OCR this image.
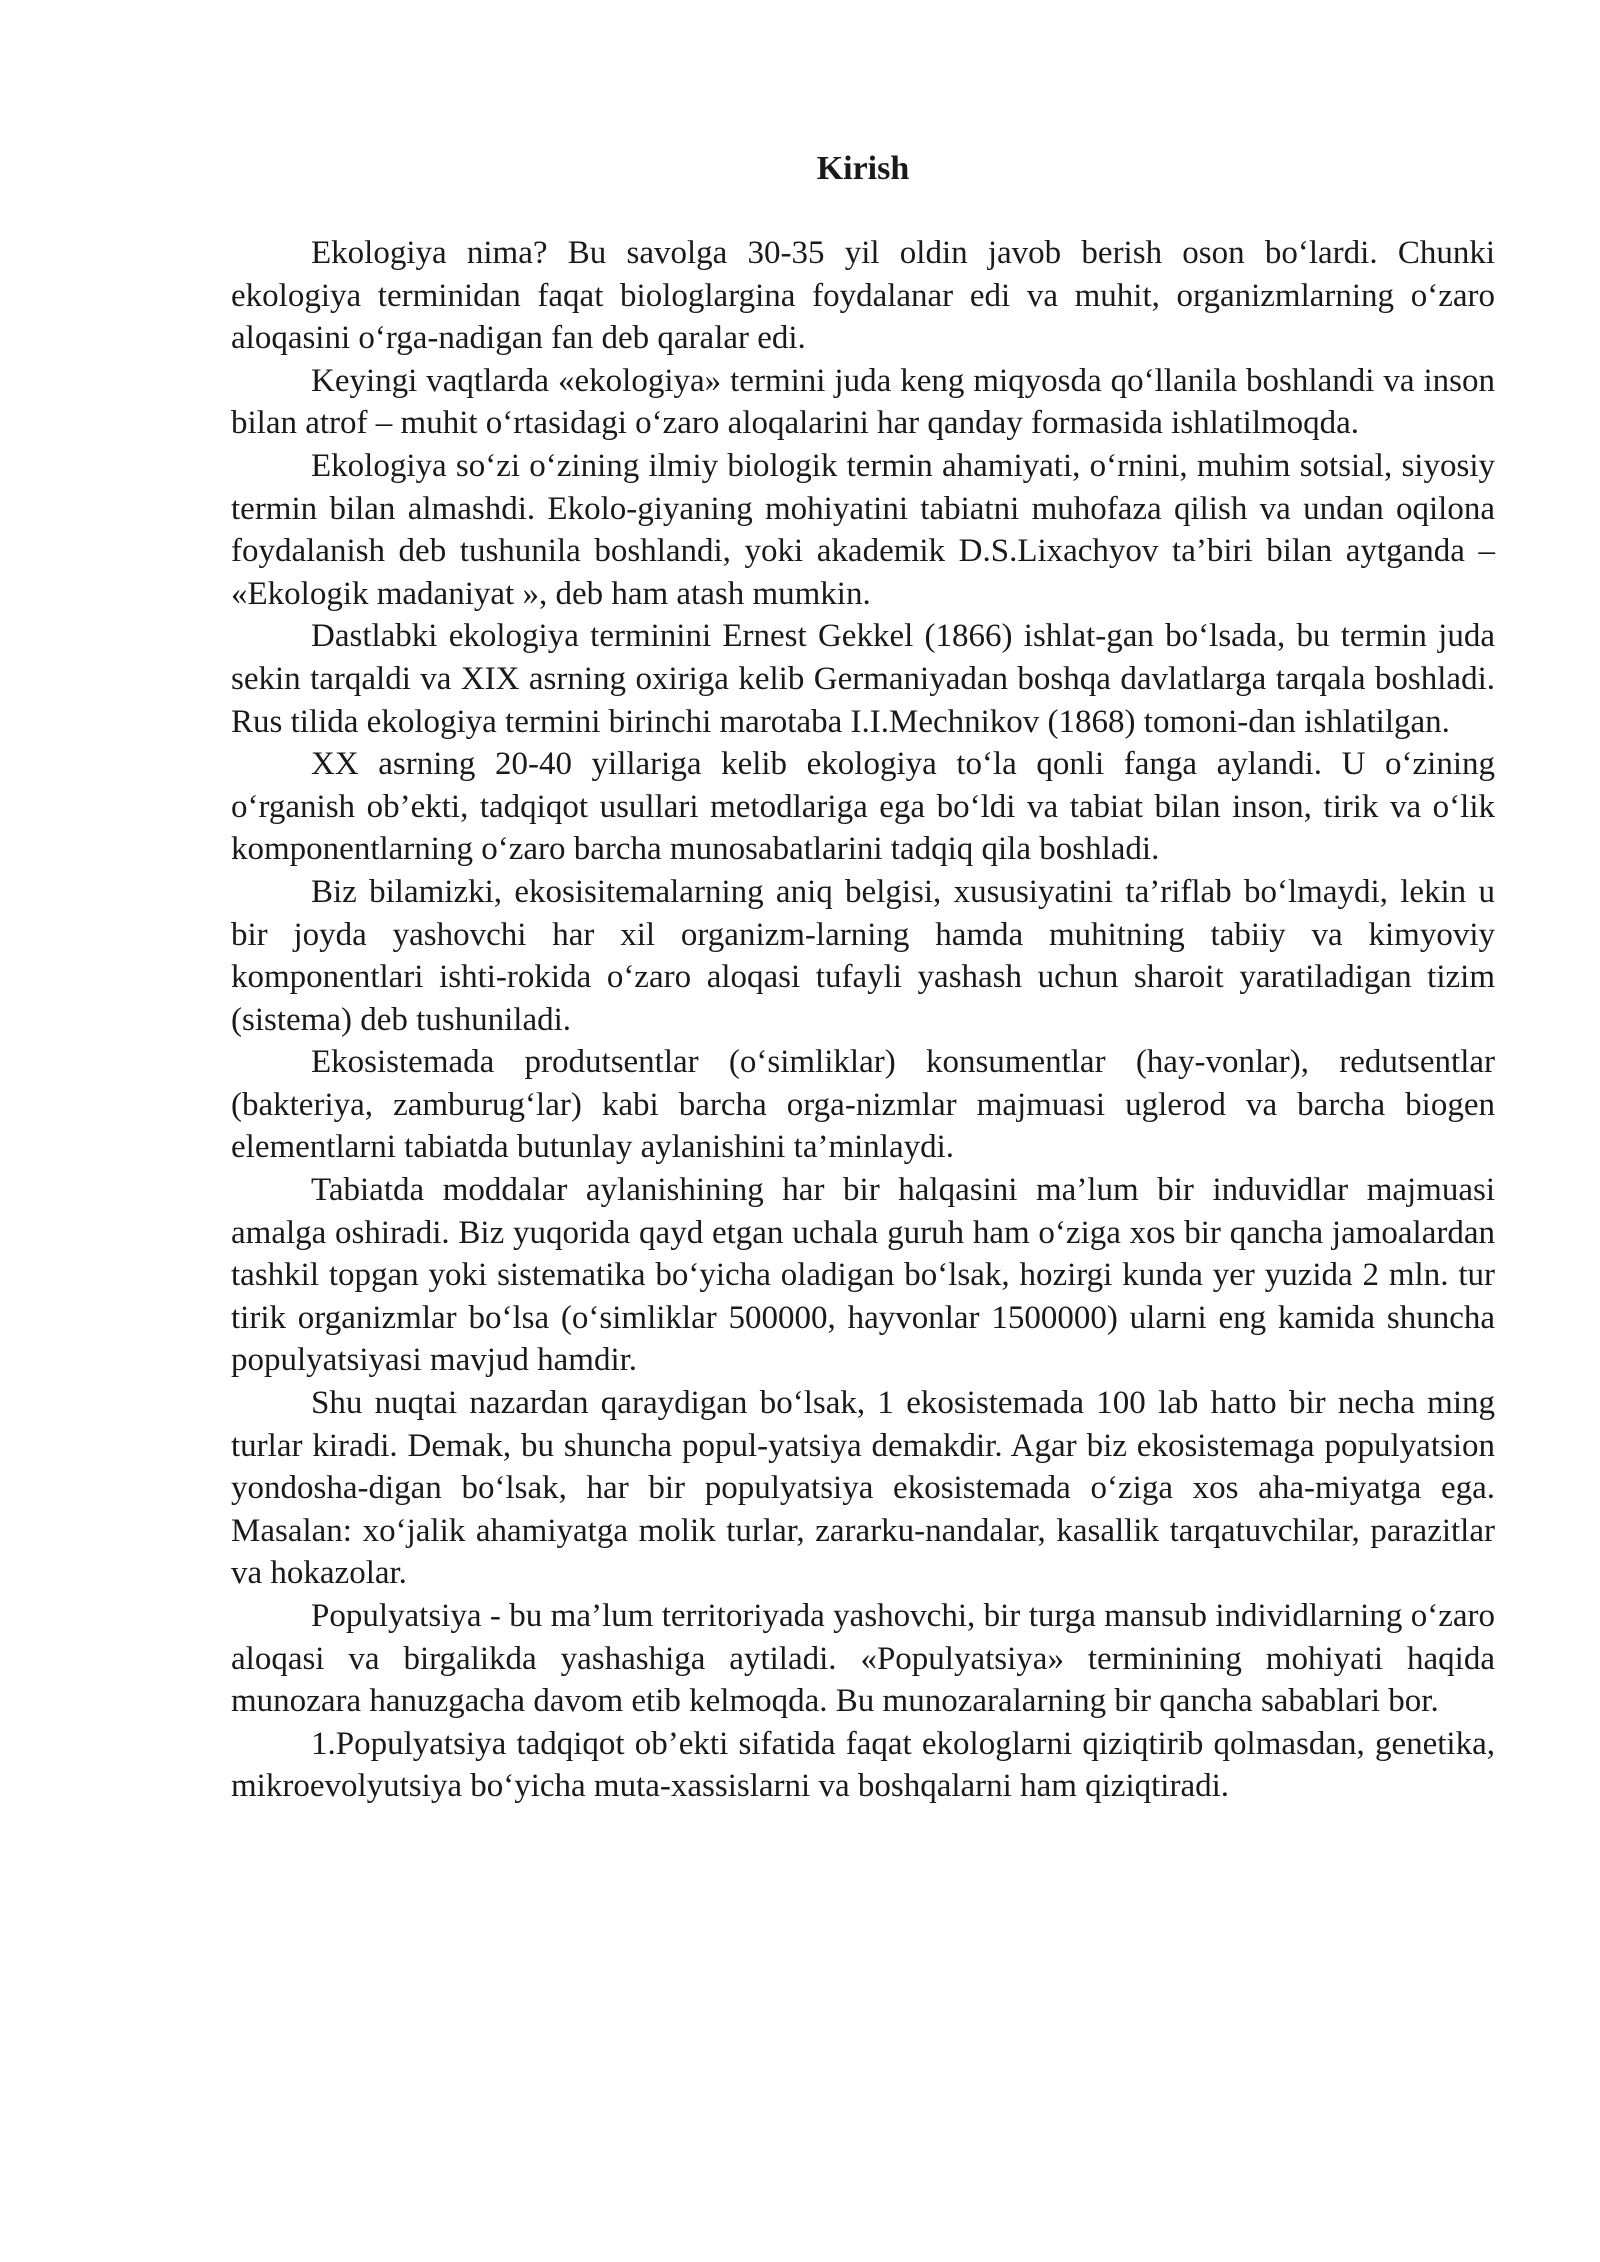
Kirish

Ekologiya nima? Bu savolga 30-35 yil oldin javob berish oson bo‘lardi. Chunki ekologiya terminidan faqat biologlargina foydalanar edi va muhit, organizmlarning o‘zaro aloqasini o‘rga-nadigan fan deb qaralar edi.

Keyingi vaqtlarda «ekologiya» termini juda keng miqyosda qo‘llanila boshlandi va inson bilan atrof – muhit o‘rtasidagi o‘zaro aloqalarini har qanday formasida ishlatilmoqda.

Ekologiya so‘zi o‘zining ilmiy biologik termin ahamiyati, o‘rnini, muhim sotsial, siyosiy termin bilan almashdi. Ekolo-giyaning mohiyatini tabiatni muhofaza qilish va undan oqilona foydalanish deb tushunila boshlandi, yoki akademik D.S.Lixachyov ta’biri bilan aytganda – «Ekologik madaniyat », deb ham atash mumkin.

Dastlabki ekologiya terminini Ernest Gekkel (1866) ishlat-gan bo‘lsada, bu termin juda sekin tarqaldi va XIX asrning oxiriga kelib Germaniyadan boshqa davlatlarga tarqala boshladi. Rus tilida ekologiya termini birinchi marotaba I.I.Mechnikov (1868) tomoni-dan ishlatilgan.

XX asrning 20-40 yillariga kelib ekologiya to‘la qonli fanga aylandi. U o‘zining o‘rganish ob’ekti, tadqiqot usullari metodlariga ega bo‘ldi va tabiat bilan inson, tirik va o‘lik komponentlarning o‘zaro barcha munosabatlarini tadqiq qila boshladi.

Biz bilamizki, ekosisitemalarning aniq belgisi, xususiyatini ta’riflab bo‘lmaydi, lekin u bir joyda yashovchi har xil organizm-larning hamda muhitning tabiiy va kimyoviy komponentlari ishti-rokida o‘zaro aloqasi tufayli yashash uchun sharoit yaratiladigan tizim (sistema) deb tushuniladi.

Ekosistemada produtsentlar (o‘simliklar) konsumentlar (hay-vonlar), redutsentlar (bakteriya, zamburug‘lar) kabi barcha orga-nizmlar majmuasi uglerod va barcha biogen elementlarni tabiatda butunlay aylanishini ta’minlaydi.

Tabiatda moddalar aylanishining har bir halqasini ma’lum bir induvidlar majmuasi amalga oshiradi. Biz yuqorida qayd etgan uchala guruh ham o‘ziga xos bir qancha jamoalardan tashkil topgan yoki sistematika bo‘yicha oladigan bo‘lsak, hozirgi kunda yer yuzida 2 mln. tur tirik organizmlar bo‘lsa (o‘simliklar 500000, hayvonlar 1500000) ularni eng kamida shuncha populyatsiyasi mavjud hamdir.

Shu nuqtai nazardan qaraydigan bo‘lsak, 1 ekosistemada 100 lab hatto bir necha ming turlar kiradi. Demak, bu shuncha popul-yatsiya demakdir. Agar biz ekosistemaga populyatsion yondosha-digan bo‘lsak, har bir populyatsiya ekosistemada o‘ziga xos aha-miyatga ega. Masalan: xo‘jalik ahamiyatga molik turlar, zararku-nandalar, kasallik tarqatuvchilar, parazitlar va hokazolar.

Populyatsiya - bu ma’lum territoriyada yashovchi, bir turga mansub individlarning o‘zaro aloqasi va birgalikda yashashiga aytiladi. «Populyatsiya» terminining mohiyati haqida munozara hanuzgacha davom etib kelmoqda. Bu munozaralarning bir qancha sabablari bor.

1.Populyatsiya tadqiqot ob’ekti sifatida faqat ekologlarni qiziqtirib qolmasdan, genetika, mikroevolyutsiya bo‘yicha muta-xassislarni va boshqalarni ham qiziqtiradi.
